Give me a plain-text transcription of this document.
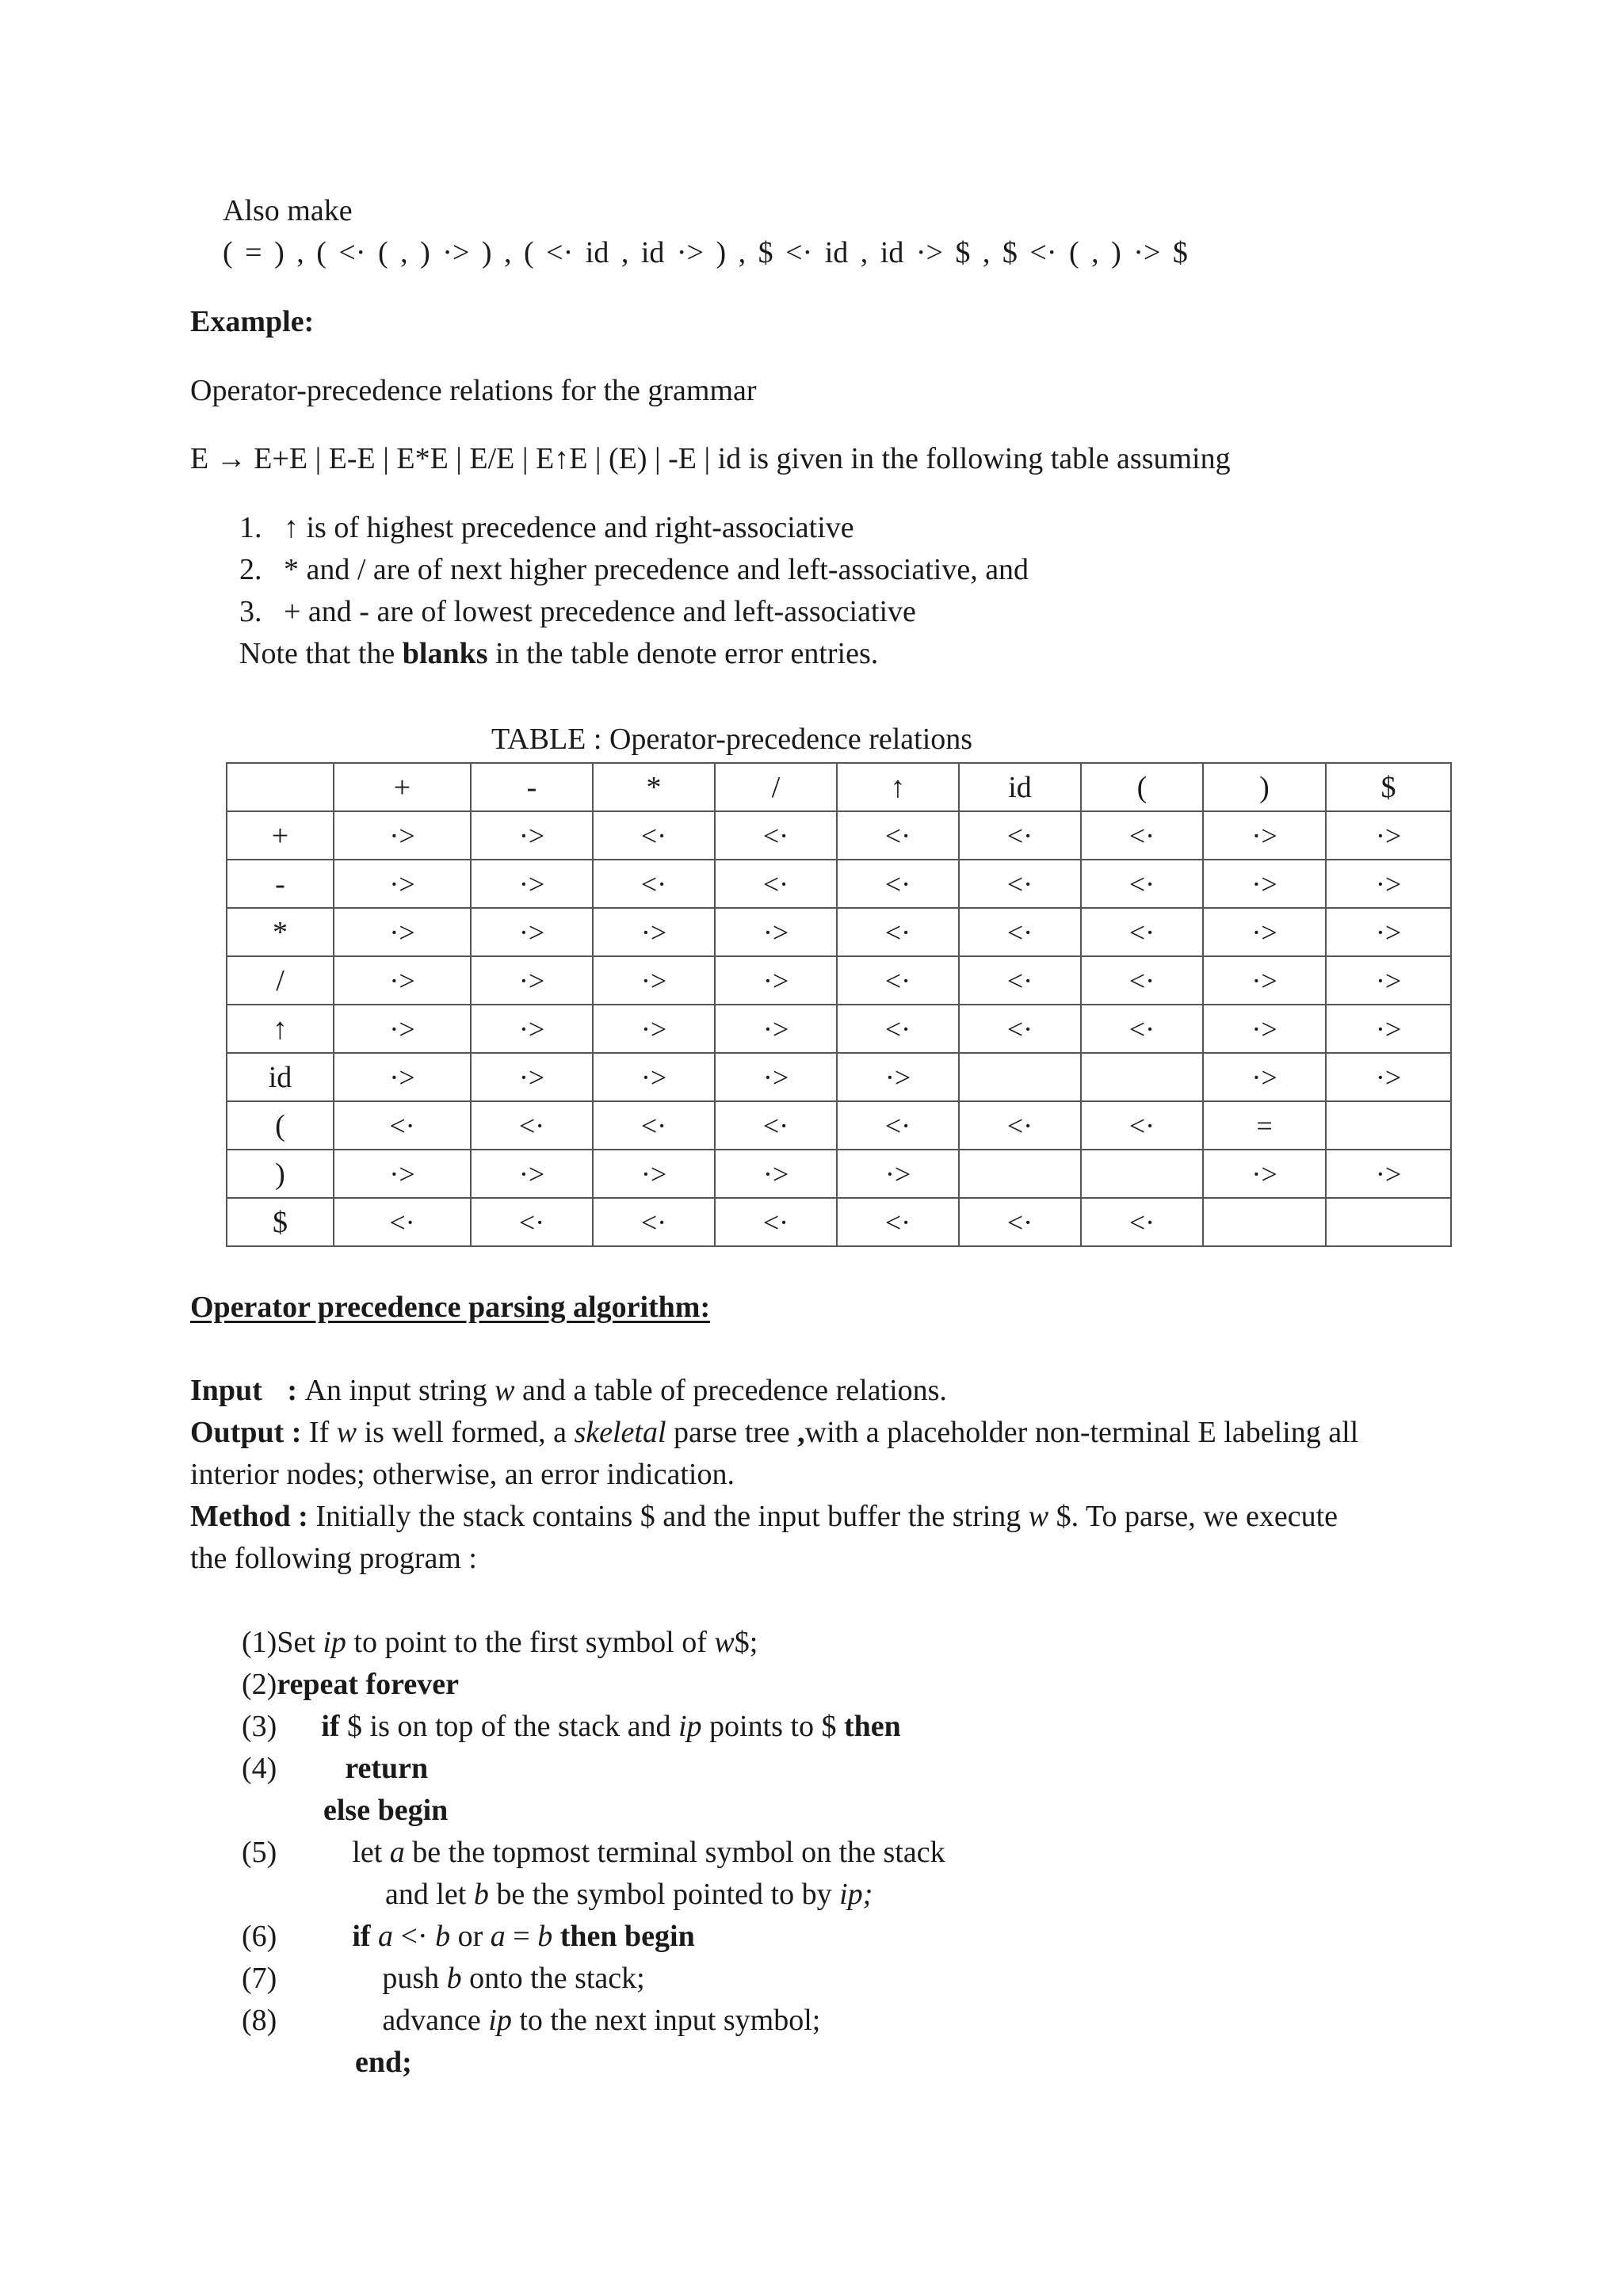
Also make
( = ) , ( <· ( , ) ·> ) , ( <· id , id ·> ) , $ <· id , id ·> $ , $ <· ( , ) ·> $
Example:
Operator-precedence relations for the grammar
E → E+E | E-E | E*E | E/E | E↑E | (E) | -E | id is given in the following table assuming
1. ↑ is of highest precedence and right-associative
2. * and / are of next higher precedence and left-associative, and
3. + and - are of lowest precedence and left-associative
Note that the blanks in the table denote error entries.
TABLE : Operator-precedence relations
	+	-	*	/	↑	id	(	)	$
+	·>	·>	<·	<·	<·	<·	<·	·>	·>
-	·>	·>	<·	<·	<·	<·	<·	·>	·>
*	·>	·>	·>	·>	<·	<·	<·	·>	·>
/	·>	·>	·>	·>	<·	<·	<·	·>	·>
↑	·>	·>	·>	·>	<·	<·	<·	·>	·>
id	·>	·>	·>	·>	·>			·>	·>
(	<·	<·	<·	<·	<·	<·	<·	=	
)	·>	·>	·>	·>	·>			·>	·>
$	<·	<·	<·	<·	<·	<·	<·		
Operator precedence parsing algorithm:
Input : An input string w and a table of precedence relations.
Output : If w is well formed, a skeletal parse tree ,with a placeholder non-terminal E labeling all
interior nodes; otherwise, an error indication.
Method : Initially the stack contains $ and the input buffer the string w $. To parse, we execute
the following program :
(1)Set ip to point to the first symbol of w$;
(2)repeat forever
(3) if $ is on top of the stack and ip points to $ then
(4) return
else begin
(5)	let a be the topmost terminal symbol on the stack
and let b be the symbol pointed to by ip;
(6)	if a <· b or a = b then begin
(7)	push b onto the stack;
(8)	advance ip to the next input symbol;
end;
